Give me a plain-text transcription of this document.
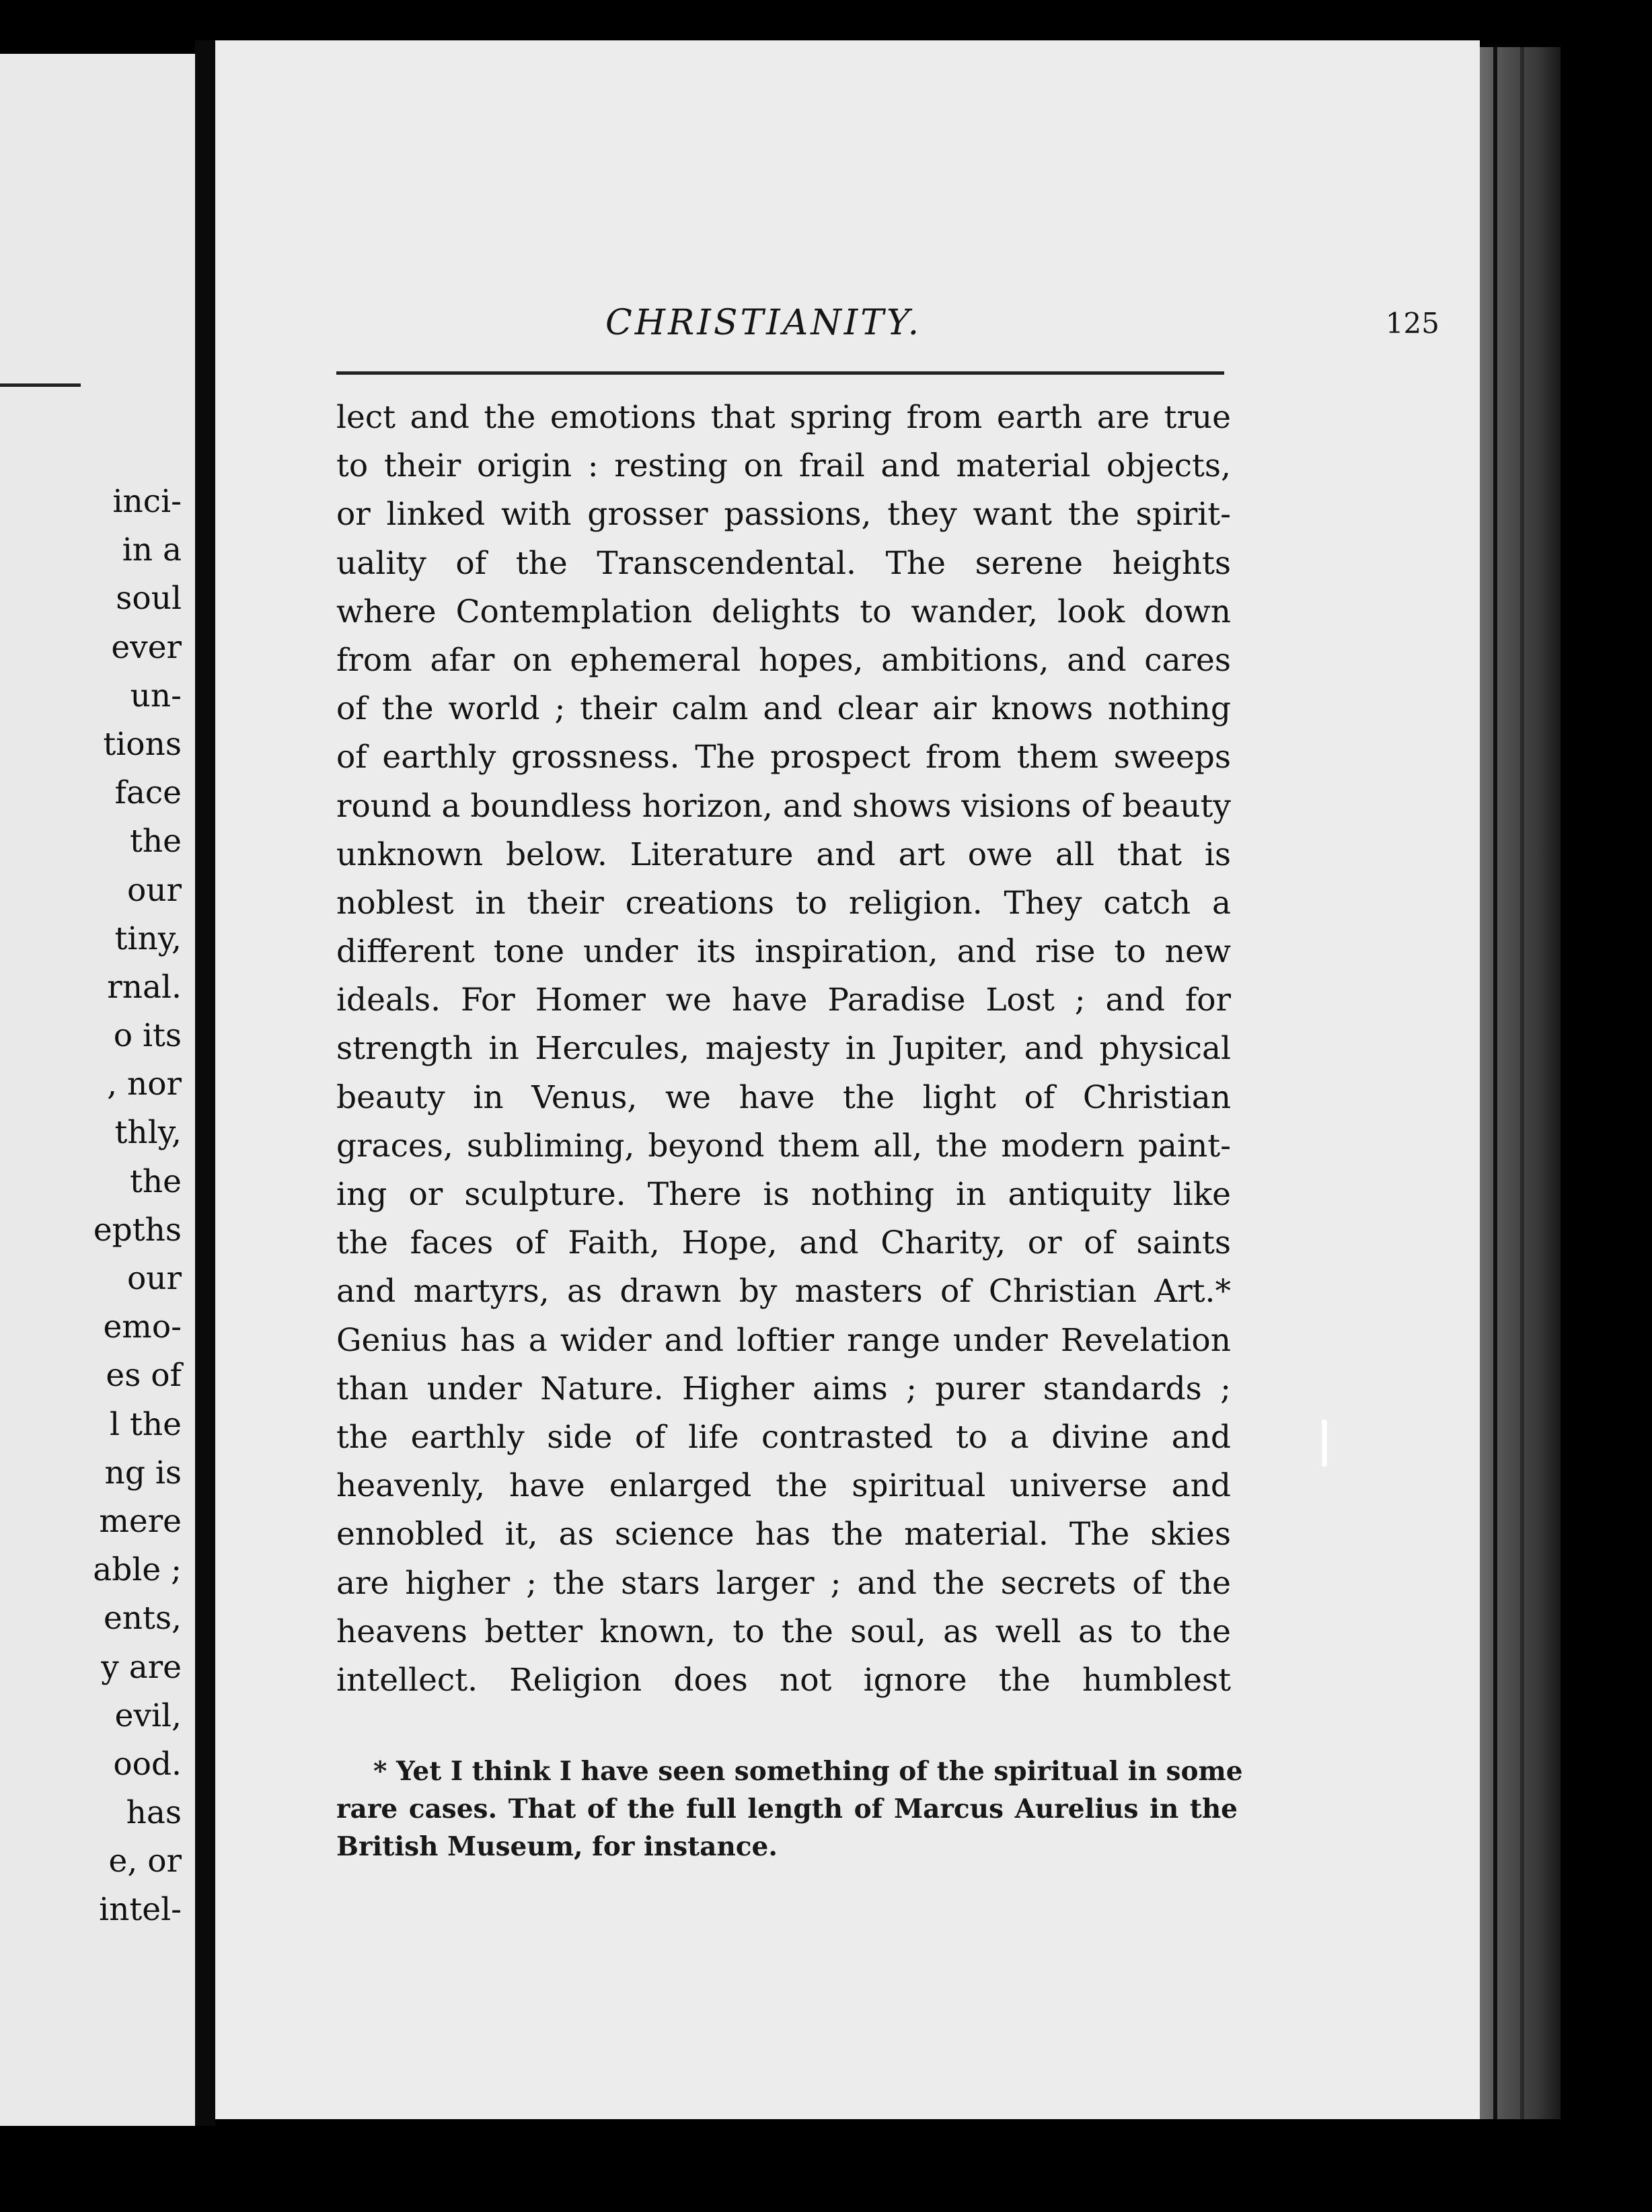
inci-
in a
soul
ever
un-
tions
face
the
our
tiny,
rnal.
o its
, nor
thly,
the
epths
our
emo-
es of
l the
ng is
mere
able ;
ents,
y are
evil,
ood.
has
e, or
intel-
CHRISTIANITY.	125
lect and the emotions that spring from earth are true
to their origin : resting on frail and material objects,
or linked with grosser passions, they want the spirit-
uality of the Transcendental. The serene heights
where Contemplation delights to wander, look down
from afar on ephemeral hopes, ambitions, and cares
of the world ; their calm and clear air knows nothing
of earthly grossness. The prospect from them sweeps
round a boundless horizon, and shows visions of beauty
unknown below. Literature and art owe all that is
noblest in their creations to religion. They catch a
different tone under its inspiration, and rise to new
ideals. For Homer we have Paradise Lost ; and for
strength in Hercules, majesty in Jupiter, and physical
beauty in Venus, we have the light of Christian
graces, subliming, beyond them all, the modern paint-
ing or sculpture. There is nothing in antiquity like
the faces of Faith, Hope, and Charity, or of saints
and martyrs, as drawn by masters of Christian Art.*
Genius has a wider and loftier range under Revelation
than under Nature. Higher aims ; purer standards ;
the earthly side of life contrasted to a divine and
heavenly, have enlarged the spiritual universe and
ennobled it, as science has the material. The skies
are higher ; the stars larger ; and the secrets of the
heavens better known, to the soul, as well as to the
intellect. Religion does not ignore the humblest
* Yet I think I have seen something of the spiritual in some
rare cases. That of the full length of Marcus Aurelius in the
British Museum, for instance.
